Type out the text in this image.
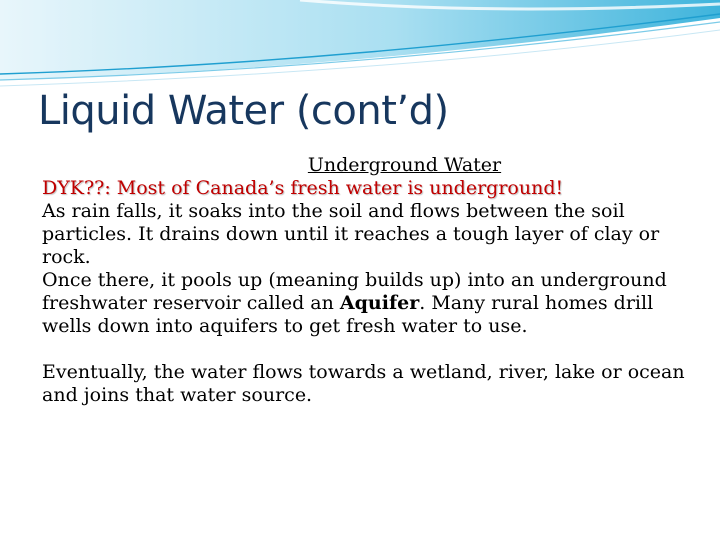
Liquid Water (cont’d)

Underground Water

DYK??: Most of Canada’s fresh water is underground!

As rain falls, it soaks into the soil and flows between the soil particles. It drains down until it reaches a tough layer of clay or rock.

Once there, it pools up (meaning builds up) into an underground freshwater reservoir called an Aquifer. Many rural homes drill wells down into aquifers to get fresh water to use.

Eventually, the water flows towards a wetland, river, lake or ocean and joins that water source.
